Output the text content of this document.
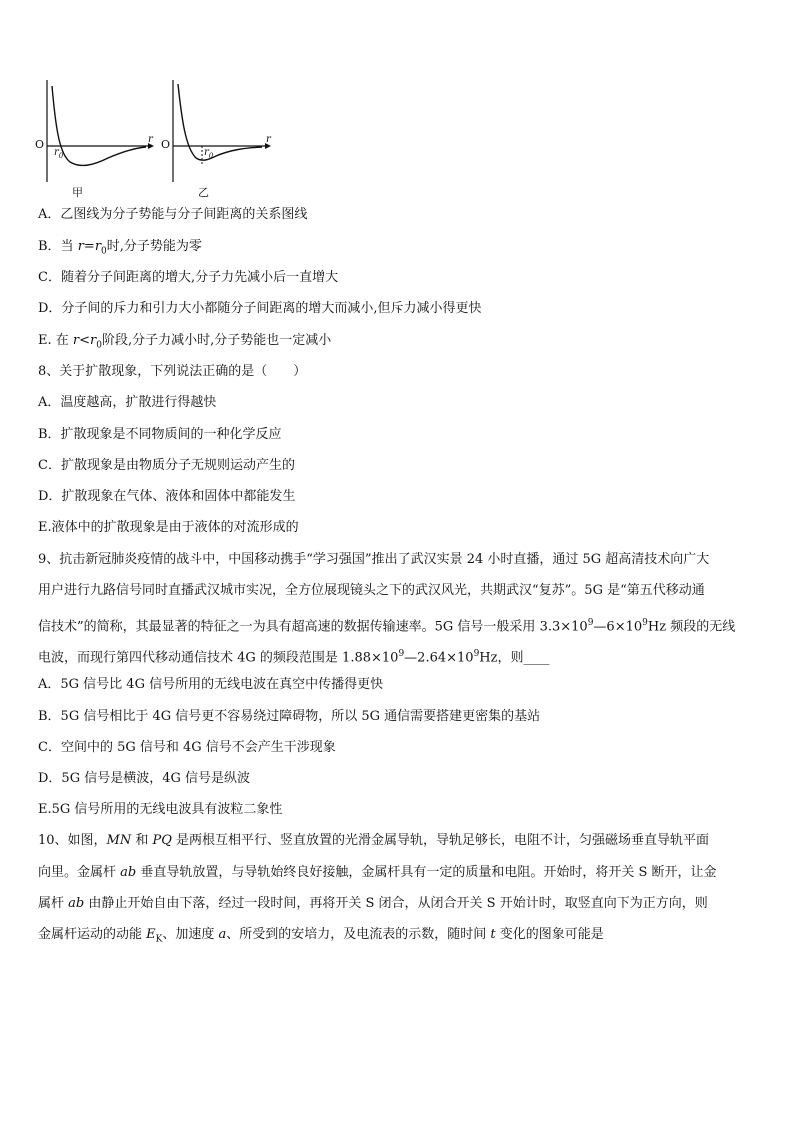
O
$r_0$
r
甲
O
$r_0$
r
乙
A．乙图线为分子势能与分子间距离的关系图线
B．当 $r=r_0$时,分子势能为零
C．随着分子间距离的增大,分子力先减小后一直增大
D．分子间的斥力和引力大小都随分子间距离的增大而减小,但斥力减小得更快
E. 在 $r<r_0$阶段,分子力减小时,分子势能也一定减小
8、关于扩散现象，下列说法正确的是（　　）
A．温度越高，扩散进行得越快
B．扩散现象是不同物质间的一种化学反应
C．扩散现象是由物质分子无规则运动产生的
D．扩散现象在气体、液体和固体中都能发生
E.液体中的扩散现象是由于液体的对流形成的
9、抗击新冠肺炎疫情的战斗中，中国移动携手“学习强国”推出了武汉实景 24 小时直播，通过 5G 超高清技术向广大
用户进行九路信号同时直播武汉城市实况，全方位展现镜头之下的武汉风光，共期武汉“复苏”。5G 是“第五代移动通
信技术”的简称，其最显著的特征之一为具有超高速的数据传输速率。5G 信号一般采用 $3.3\times 10^9—6\times 10^9Hz$ 频段的无线
电波，而现行第四代移动通信技术 4G 的频段范围是 $1.88\times 10^9—2.64\times 10^9Hz$，则____
A．5G 信号比 4G 信号所用的无线电波在真空中传播得更快
B．5G 信号相比于 4G 信号更不容易绕过障碍物，所以 5G 通信需要搭建更密集的基站
C．空间中的 5G 信号和 4G 信号不会产生干涉现象
D．5G 信号是横波，4G 信号是纵波
E.5G 信号所用的无线电波具有波粒二象性
10、如图，MN 和 PQ 是两根互相平行、竖直放置的光滑金属导轨，导轨足够长，电阻不计，匀强磁场垂直导轨平面
向里。金属杆 ab 垂直导轨放置，与导轨始终良好接触，金属杆具有一定的质量和电阻。开始时，将开关 S 断开，让金
属杆 ab 由静止开始自由下落，经过一段时间，再将开关 S 闭合，从闭合开关 S 开始计时，取竖直向下为正方向，则
金属杆运动的动能 $E_K$、加速度 a、所受到的安培力，及电流表的示数，随时间 t 变化的图象可能是
